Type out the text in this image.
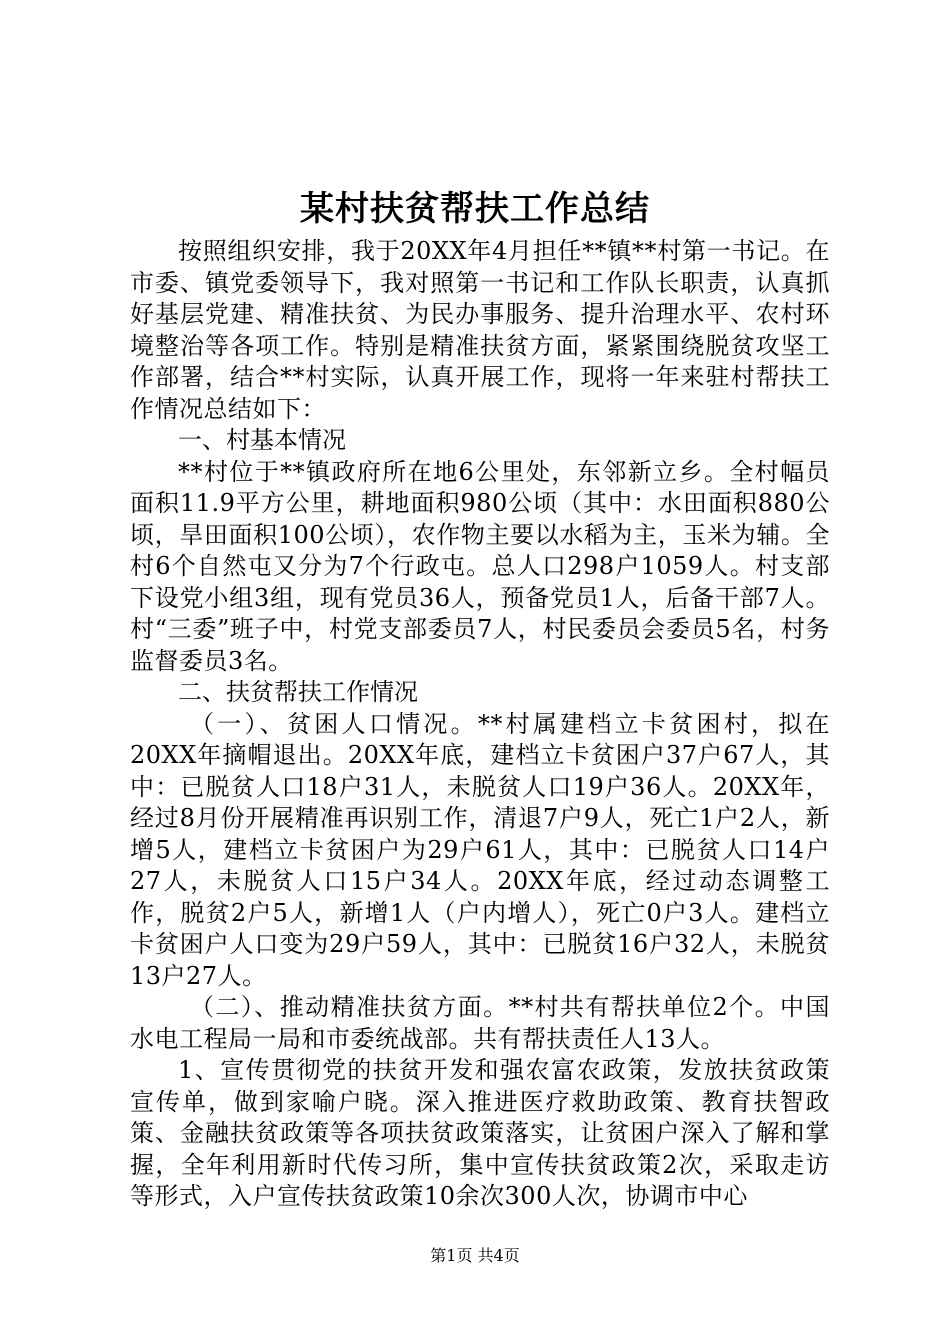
某村扶贫帮扶工作总结

按照组织安排，我于20XX年4月担任**镇**村第一书记。在市委、镇党委领导下，我对照第一书记和工作队长职责，认真抓好基层党建、精准扶贫、为民办事服务、提升治理水平、农村环境整治等各项工作。特别是精准扶贫方面，紧紧围绕脱贫攻坚工作部署，结合**村实际，认真开展工作，现将一年来驻村帮扶工作情况总结如下：

一、村基本情况

**村位于**镇政府所在地6公里处，东邻新立乡。全村幅员面积11.9平方公里，耕地面积980公顷（其中：水田面积880公顷，旱田面积100公顷），农作物主要以水稻为主，玉米为辅。全村6个自然屯又分为7个行政屯。总人口298户1059人。村支部下设党小组3组，现有党员36人，预备党员1人，后备干部7人。村“三委”班子中，村党支部委员7人，村民委员会委员5名，村务监督委员3名。

二、扶贫帮扶工作情况

（一）、贫困人口情况。**村属建档立卡贫困村，拟在20XX年摘帽退出。20XX年底，建档立卡贫困户37户67人，其中：已脱贫人口18户31人，未脱贫人口19户36人。20XX年，经过8月份开展精准再识别工作，清退7户9人，死亡1户2人，新增5人，建档立卡贫困户为29户61人，其中：已脱贫人口14户27人，未脱贫人口15户34人。20XX年底，经过动态调整工作，脱贫2户5人，新增1人（户内增人），死亡0户3人。建档立卡贫困户人口变为29户59人，其中：已脱贫16户32人，未脱贫13户27人。

（二）、推动精准扶贫方面。**村共有帮扶单位2个。中国水电工程局一局和市委统战部。共有帮扶责任人13人。

1、宣传贯彻党的扶贫开发和强农富农政策，发放扶贫政策宣传单，做到家喻户晓。深入推进医疗救助政策、教育扶智政策、金融扶贫政策等各项扶贫政策落实，让贫困户深入了解和掌握，全年利用新时代传习所，集中宣传扶贫政策2次，采取走访等形式，入户宣传扶贫政策10余次300人次，协调市中心

第1页 共4页
